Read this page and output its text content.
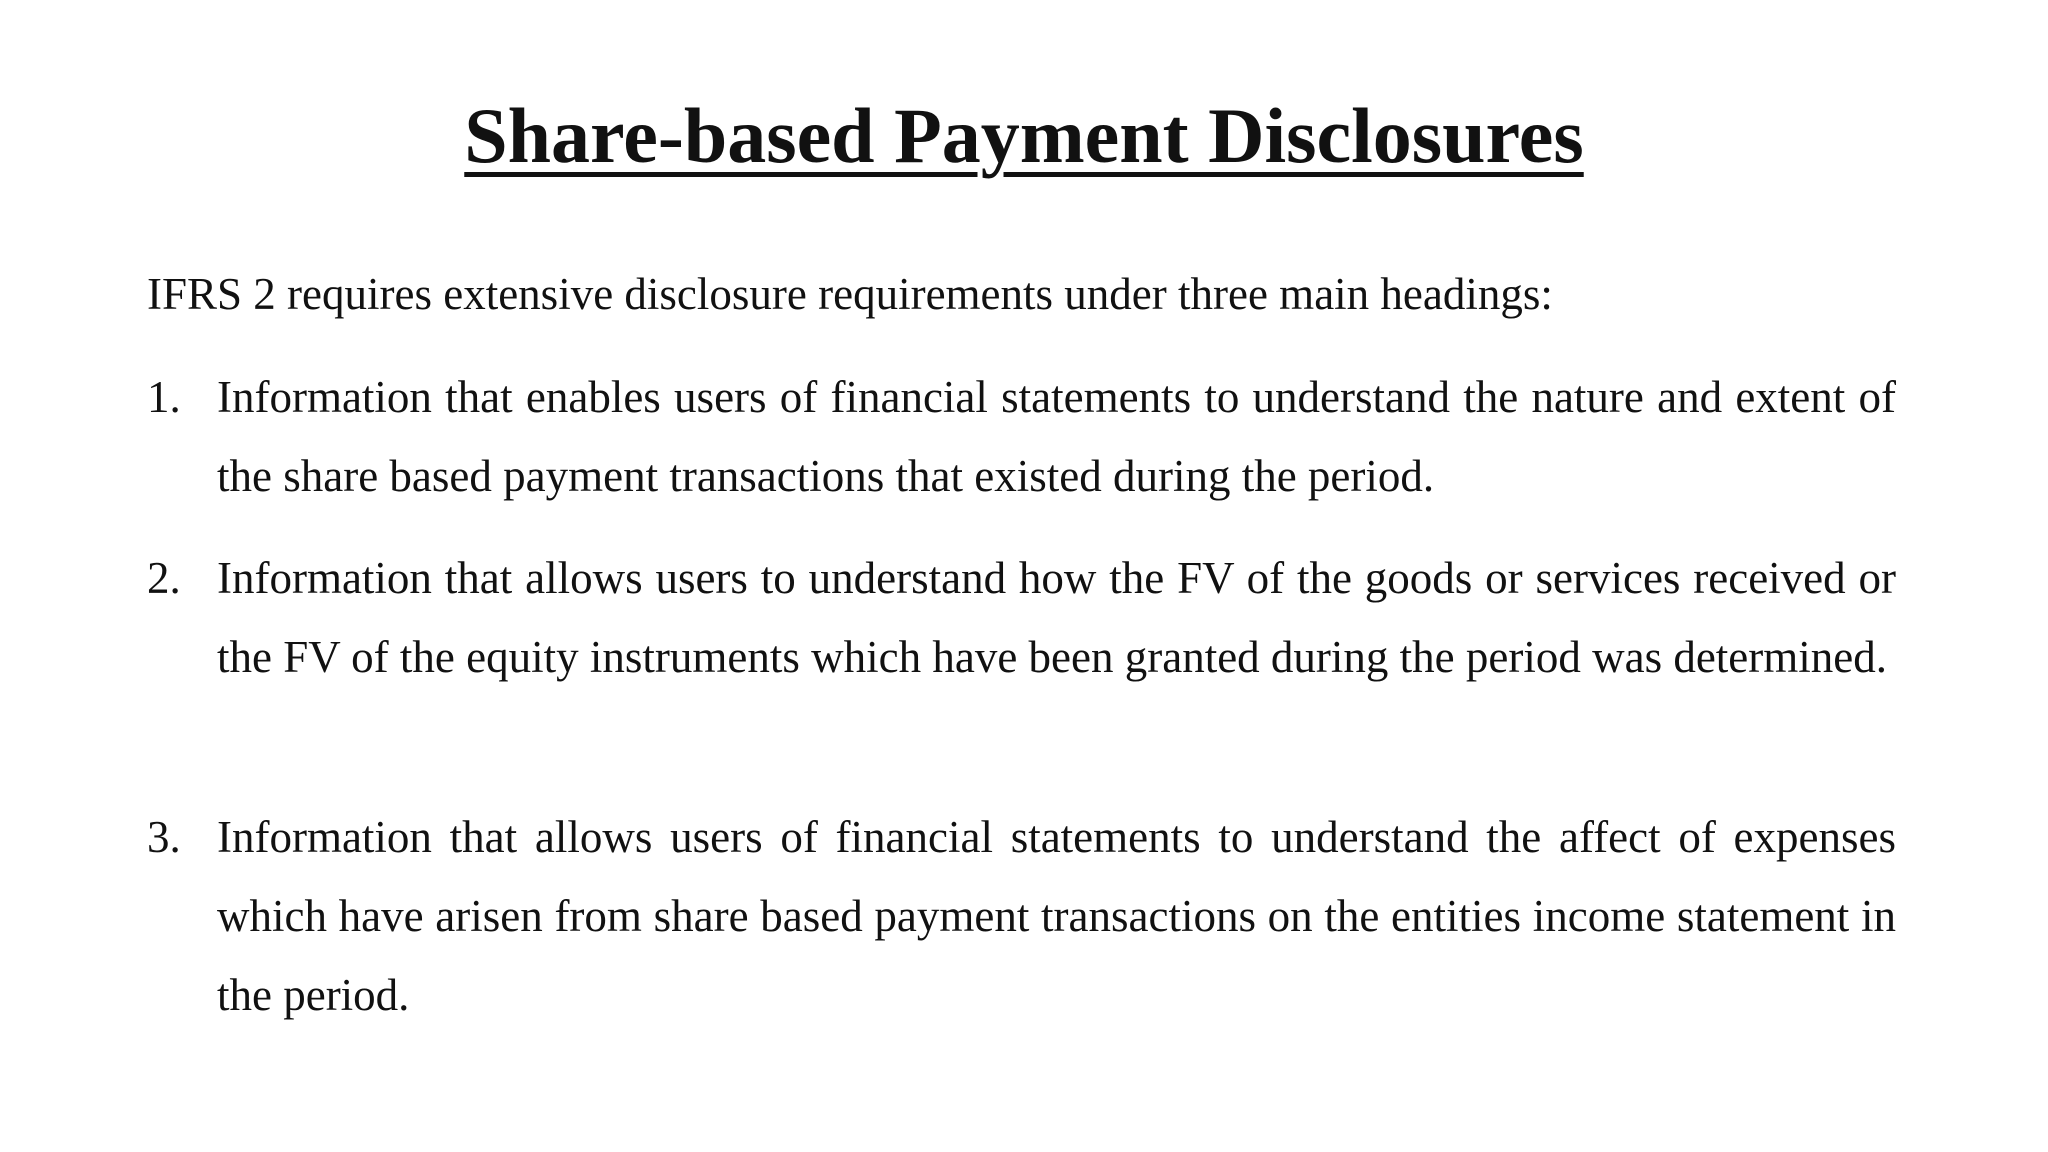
Share-based Payment Disclosures

IFRS 2 requires extensive disclosure requirements under three main headings:

1. Information that enables users of financial statements to understand the nature and extent of the share based payment transactions that existed during the period.
2. Information that allows users to understand how the FV of the goods or services received or the FV of the equity instruments which have been granted during the period was determined.
3. Information that allows users of financial statements to understand the affect of expenses which have arisen from share based payment transactions on the entities income statement in the period.
